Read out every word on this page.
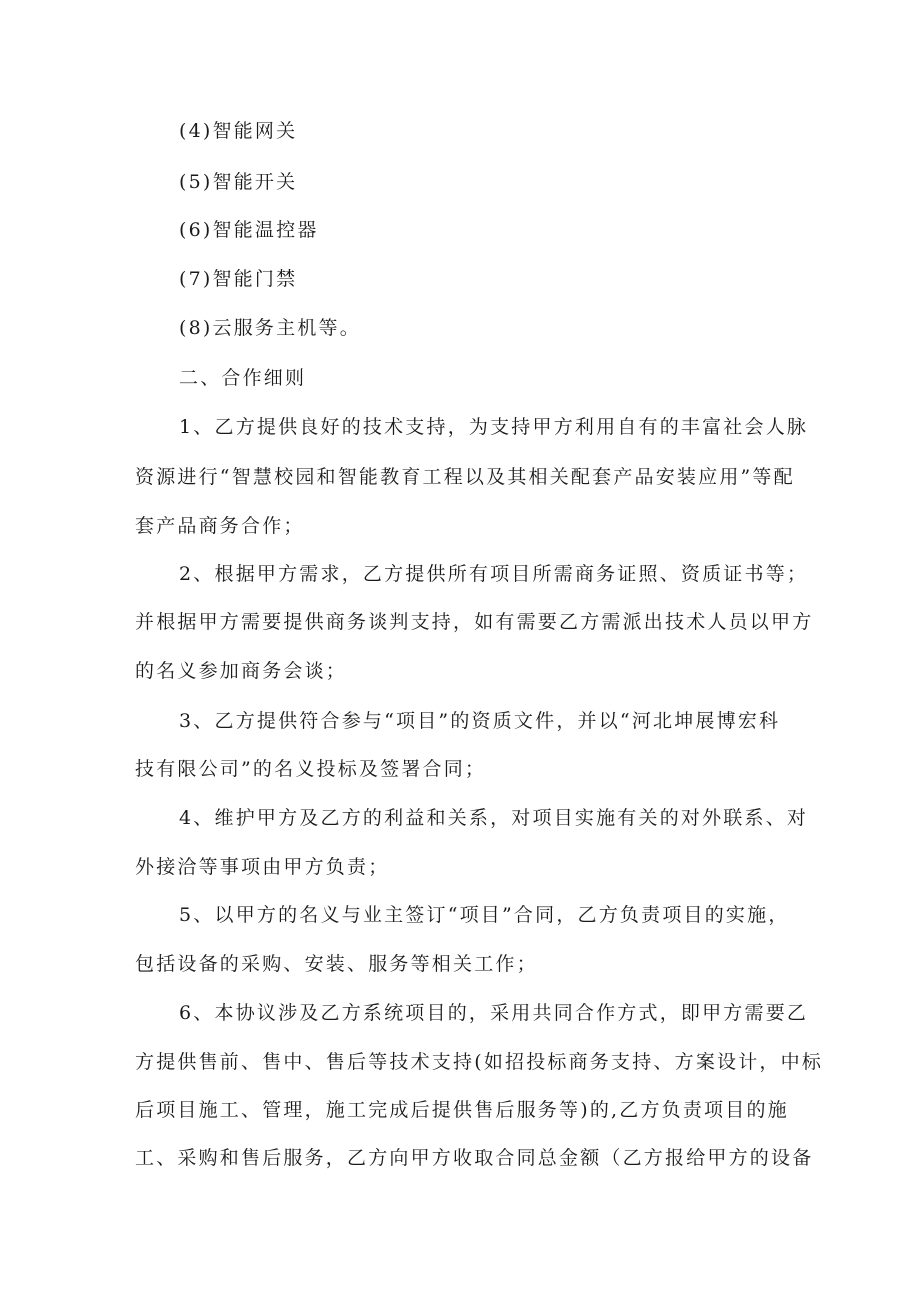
(4)智能网关
(5)智能开关
(6)智能温控器
(7)智能门禁
(8)云服务主机等。
二、合作细则
1、乙方提供良好的技术支持，为支持甲方利用自有的丰富社会人脉
资源进行“智慧校园和智能教育工程以及其相关配套产品安装应用”等配
套产品商务合作；
2、根据甲方需求，乙方提供所有项目所需商务证照、资质证书等；
并根据甲方需要提供商务谈判支持，如有需要乙方需派出技术人员以甲方
的名义参加商务会谈；
3、乙方提供符合参与“项目”的资质文件，并以“河北坤展博宏科
技有限公司”的名义投标及签署合同；
4、维护甲方及乙方的利益和关系，对项目实施有关的对外联系、对
外接洽等事项由甲方负责；
5、以甲方的名义与业主签订“项目”合同，乙方负责项目的实施，
包括设备的采购、安装、服务等相关工作；
6、本协议涉及乙方系统项目的，采用共同合作方式，即甲方需要乙
方提供售前、售中、售后等技术支持(如招投标商务支持、方案设计，中标
后项目施工、管理，施工完成后提供售后服务等)的,乙方负责项目的施
工、采购和售后服务，乙方向甲方收取合同总金额（乙方报给甲方的设备
